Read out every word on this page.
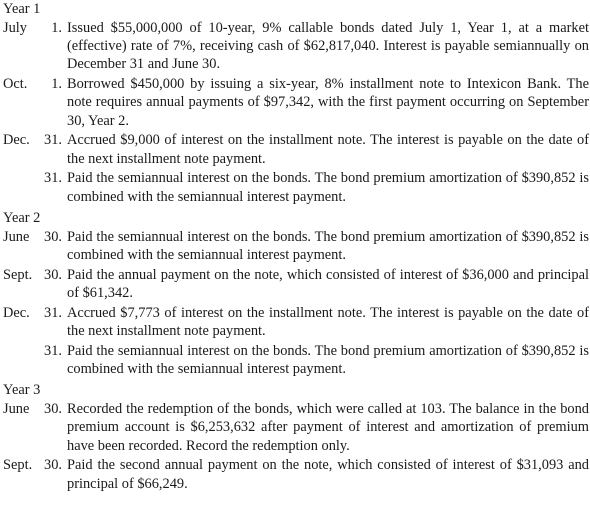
Year 1
July	1. Issued $55,000,000 of 10-year, 9% callable bonds dated July 1, Year 1, at a market (effective) rate of 7%, receiving cash of $62,817,040. Interest is payable semiannually on December 31 and June 30.
Oct.	1. Borrowed $450,000 by issuing a six-year, 8% installment note to Intexicon Bank. The note requires annual payments of $97,342, with the first payment occurring on September 30, Year 2.
Dec. 31. Accrued $9,000 of interest on the installment note. The interest is payable on the date of the next installment note payment.
31. Paid the semiannual interest on the bonds. The bond premium amortization of $390,852 is combined with the semiannual interest payment.
Year 2
June	30. Paid the semiannual interest on the bonds. The bond premium amortization of $390,852 is combined with the semiannual interest payment.
Sept. 30. Paid the annual payment on the note, which consisted of interest of $36,000 and principal of $61,342.
Dec. 31. Accrued $7,773 of interest on the installment note. The interest is payable on the date of the next installment note payment.
31. Paid the semiannual interest on the bonds. The bond premium amortization of $390,852 is combined with the semiannual interest payment.
Year 3
June	30. Recorded the redemption of the bonds, which were called at 103. The balance in the bond premium account is $6,253,632 after payment of interest and amortization of premium have been recorded. Record the redemption only.
Sept. 30. Paid the second annual payment on the note, which consisted of interest of $31,093 and principal of $66,249.
